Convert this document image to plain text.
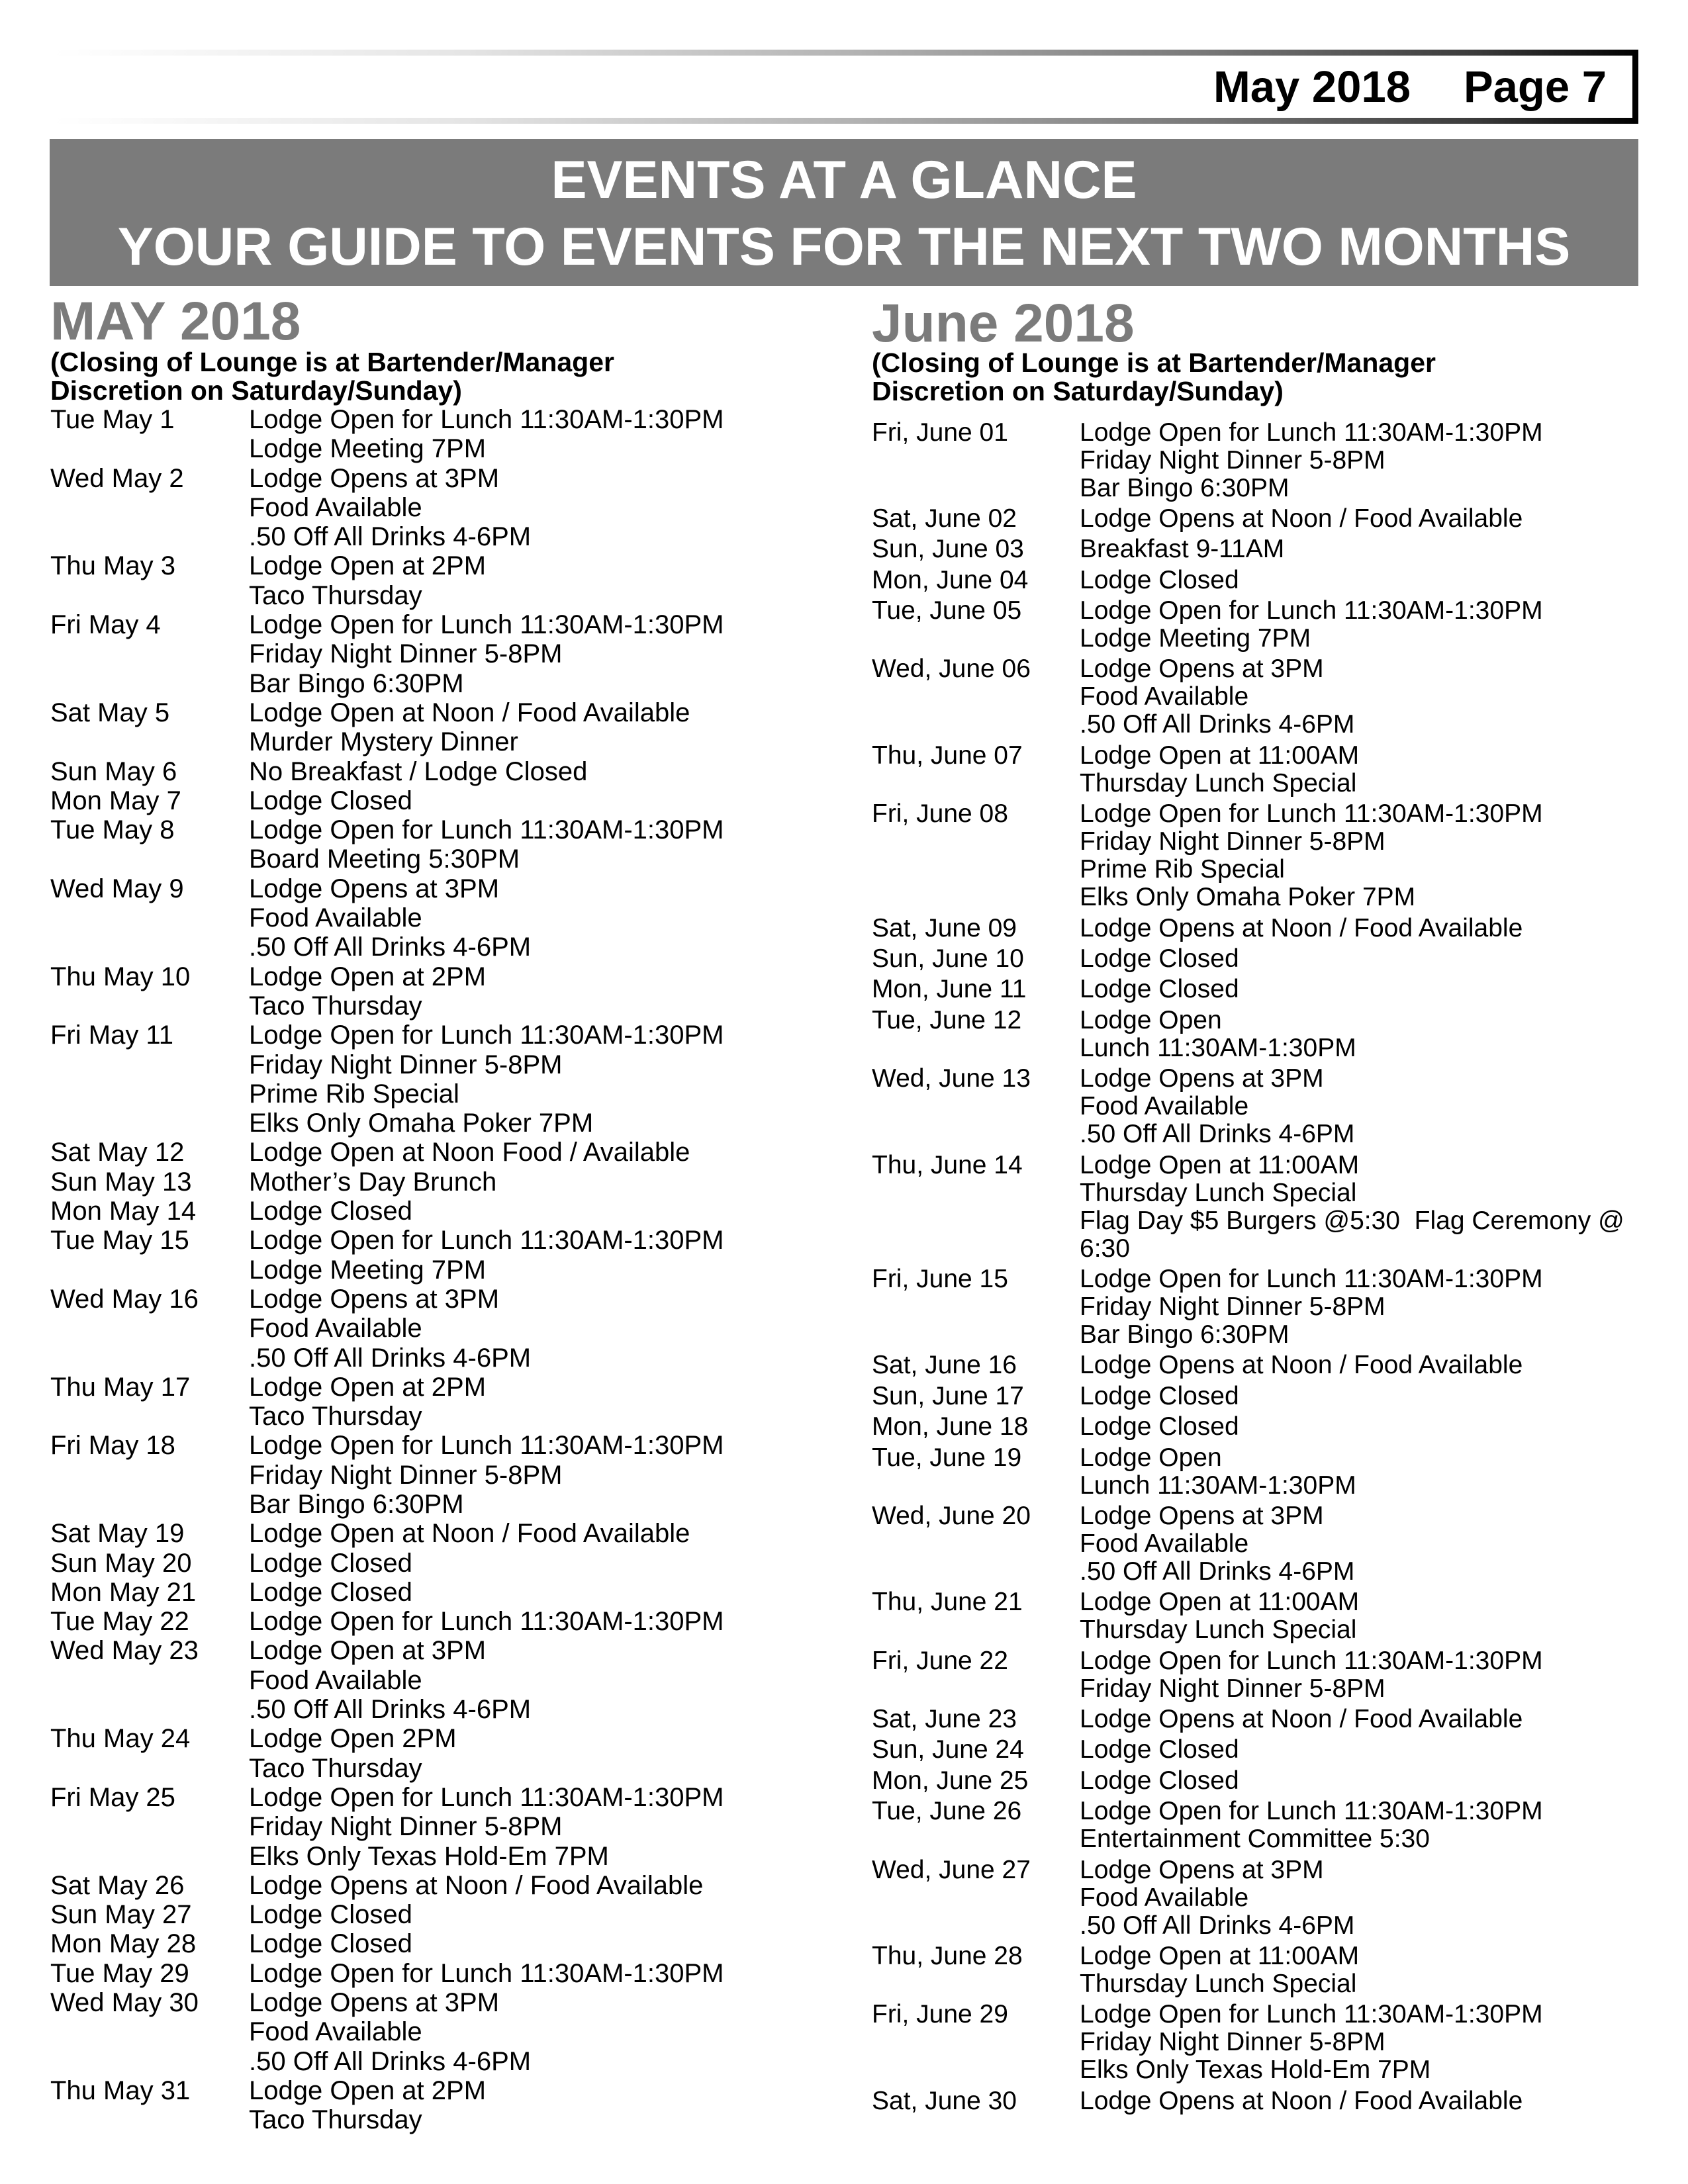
May 2018 Page 7
EVENTS AT A GLANCE
YOUR GUIDE TO EVENTS FOR THE NEXT TWO MONTHS
MAY 2018
(Closing of Lounge is at Bartender/Manager
Discretion on Saturday/Sunday)
Tue May 1	Lodge Open for Lunch 11:30AM-1:30PM
Lodge Meeting 7PM
Wed May 2	Lodge Opens at 3PM
Food Available
.50 Off All Drinks 4-6PM
Thu May 3	Lodge Open at 2PM
Taco Thursday
Fri May 4	Lodge Open for Lunch 11:30AM-1:30PM
Friday Night Dinner 5-8PM
Bar Bingo 6:30PM
Sat May 5	Lodge Open at Noon / Food Available
Murder Mystery Dinner
Sun May 6	No Breakfast / Lodge Closed
Mon May 7	Lodge Closed
Tue May 8	Lodge Open for Lunch 11:30AM-1:30PM
Board Meeting 5:30PM
Wed May 9	Lodge Opens at 3PM
Food Available
.50 Off All Drinks 4-6PM
Thu May 10	Lodge Open at 2PM
Taco Thursday
Fri May 11	Lodge Open for Lunch 11:30AM-1:30PM
Friday Night Dinner 5-8PM
Prime Rib Special
Elks Only Omaha Poker 7PM
Sat May 12	Lodge Open at Noon Food / Available
Sun May 13	Mother’s Day Brunch
Mon May 14	Lodge Closed
Tue May 15	Lodge Open for Lunch 11:30AM-1:30PM
Lodge Meeting 7PM
Wed May 16	Lodge Opens at 3PM
Food Available
.50 Off All Drinks 4-6PM
Thu May 17	Lodge Open at 2PM
Taco Thursday
Fri May 18	Lodge Open for Lunch 11:30AM-1:30PM
Friday Night Dinner 5-8PM
Bar Bingo 6:30PM
Sat May 19	Lodge Open at Noon / Food Available
Sun May 20	Lodge Closed
Mon May 21	Lodge Closed
Tue May 22	Lodge Open for Lunch 11:30AM-1:30PM
Wed May 23	Lodge Open at 3PM
Food Available
.50 Off All Drinks 4-6PM
Thu May 24	Lodge Open 2PM
Taco Thursday
Fri May 25	Lodge Open for Lunch 11:30AM-1:30PM
Friday Night Dinner 5-8PM
Elks Only Texas Hold-Em 7PM
Sat May 26	Lodge Opens at Noon / Food Available
Sun May 27	Lodge Closed
Mon May 28	Lodge Closed
Tue May 29	Lodge Open for Lunch 11:30AM-1:30PM
Wed May 30	Lodge Opens at 3PM
Food Available
.50 Off All Drinks 4-6PM
Thu May 31	Lodge Open at 2PM
Taco Thursday
June 2018
(Closing of Lounge is at Bartender/Manager
Discretion on Saturday/Sunday)
Fri, June 01	Lodge Open for Lunch 11:30AM-1:30PM
Friday Night Dinner 5-8PM
Bar Bingo 6:30PM
Sat, June 02	Lodge Opens at Noon / Food Available
Sun, June 03	Breakfast 9-11AM
Mon, June 04	Lodge Closed
Tue, June 05	Lodge Open for Lunch 11:30AM-1:30PM
Lodge Meeting 7PM
Wed, June 06	Lodge Opens at 3PM
Food Available
.50 Off All Drinks 4-6PM
Thu, June 07	Lodge Open at 11:00AM
Thursday Lunch Special
Fri, June 08	Lodge Open for Lunch 11:30AM-1:30PM
Friday Night Dinner 5-8PM
Prime Rib Special
Elks Only Omaha Poker 7PM
Sat, June 09	Lodge Opens at Noon / Food Available
Sun, June 10	Lodge Closed
Mon, June 11	Lodge Closed
Tue, June 12	Lodge Open
Lunch 11:30AM-1:30PM
Wed, June 13	Lodge Opens at 3PM
Food Available
.50 Off All Drinks 4-6PM
Thu, June 14	Lodge Open at 11:00AM
Thursday Lunch Special
Flag Day $5 Burgers @5:30  Flag Ceremony @ 6:30
Fri, June 15	Lodge Open for Lunch 11:30AM-1:30PM
Friday Night Dinner 5-8PM
Bar Bingo 6:30PM
Sat, June 16	Lodge Opens at Noon / Food Available
Sun, June 17	Lodge Closed
Mon, June 18	Lodge Closed
Tue, June 19	Lodge Open
Lunch 11:30AM-1:30PM
Wed, June 20	Lodge Opens at 3PM
Food Available
.50 Off All Drinks 4-6PM
Thu, June 21	Lodge Open at 11:00AM
Thursday Lunch Special
Fri, June 22	Lodge Open for Lunch 11:30AM-1:30PM
Friday Night Dinner 5-8PM
Sat, June 23	Lodge Opens at Noon / Food Available
Sun, June 24	Lodge Closed
Mon, June 25	Lodge Closed
Tue, June 26	Lodge Open for Lunch 11:30AM-1:30PM
Entertainment Committee 5:30
Wed, June 27	Lodge Opens at 3PM
Food Available
.50 Off All Drinks 4-6PM
Thu, June 28	Lodge Open at 11:00AM
Thursday Lunch Special
Fri, June 29	Lodge Open for Lunch 11:30AM-1:30PM
Friday Night Dinner 5-8PM
Elks Only Texas Hold-Em 7PM
Sat, June 30	Lodge Opens at Noon / Food Available
